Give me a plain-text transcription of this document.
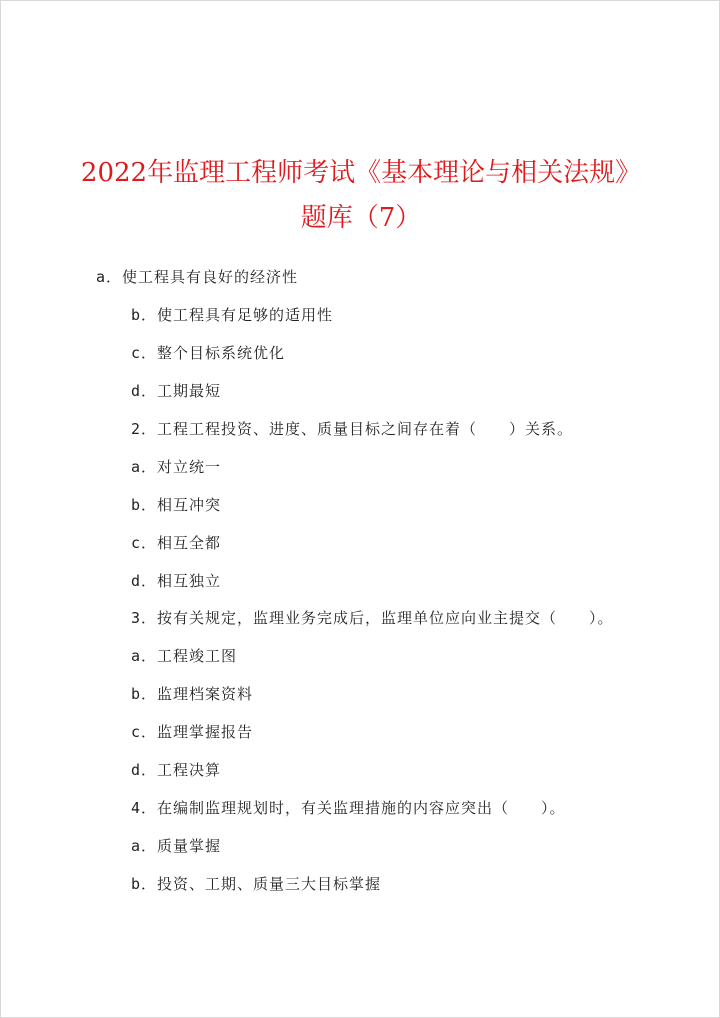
2022年监理工程师考试《基本理论与相关法规》
题库（7）
a．使工程具有良好的经济性
b．使工程具有足够的适用性
c．整个目标系统优化
d．工期最短
2．工程工程投资、进度、质量目标之间存在着（　　）关系。
a．对立统一
b．相互冲突
c．相互全都
d．相互独立
3．按有关规定，监理业务完成后，监理单位应向业主提交（　　）。
a．工程竣工图
b．监理档案资料
c．监理掌握报告
d．工程决算
4．在编制监理规划时，有关监理措施的内容应突出（　　）。
a．质量掌握
b．投资、工期、质量三大目标掌握
